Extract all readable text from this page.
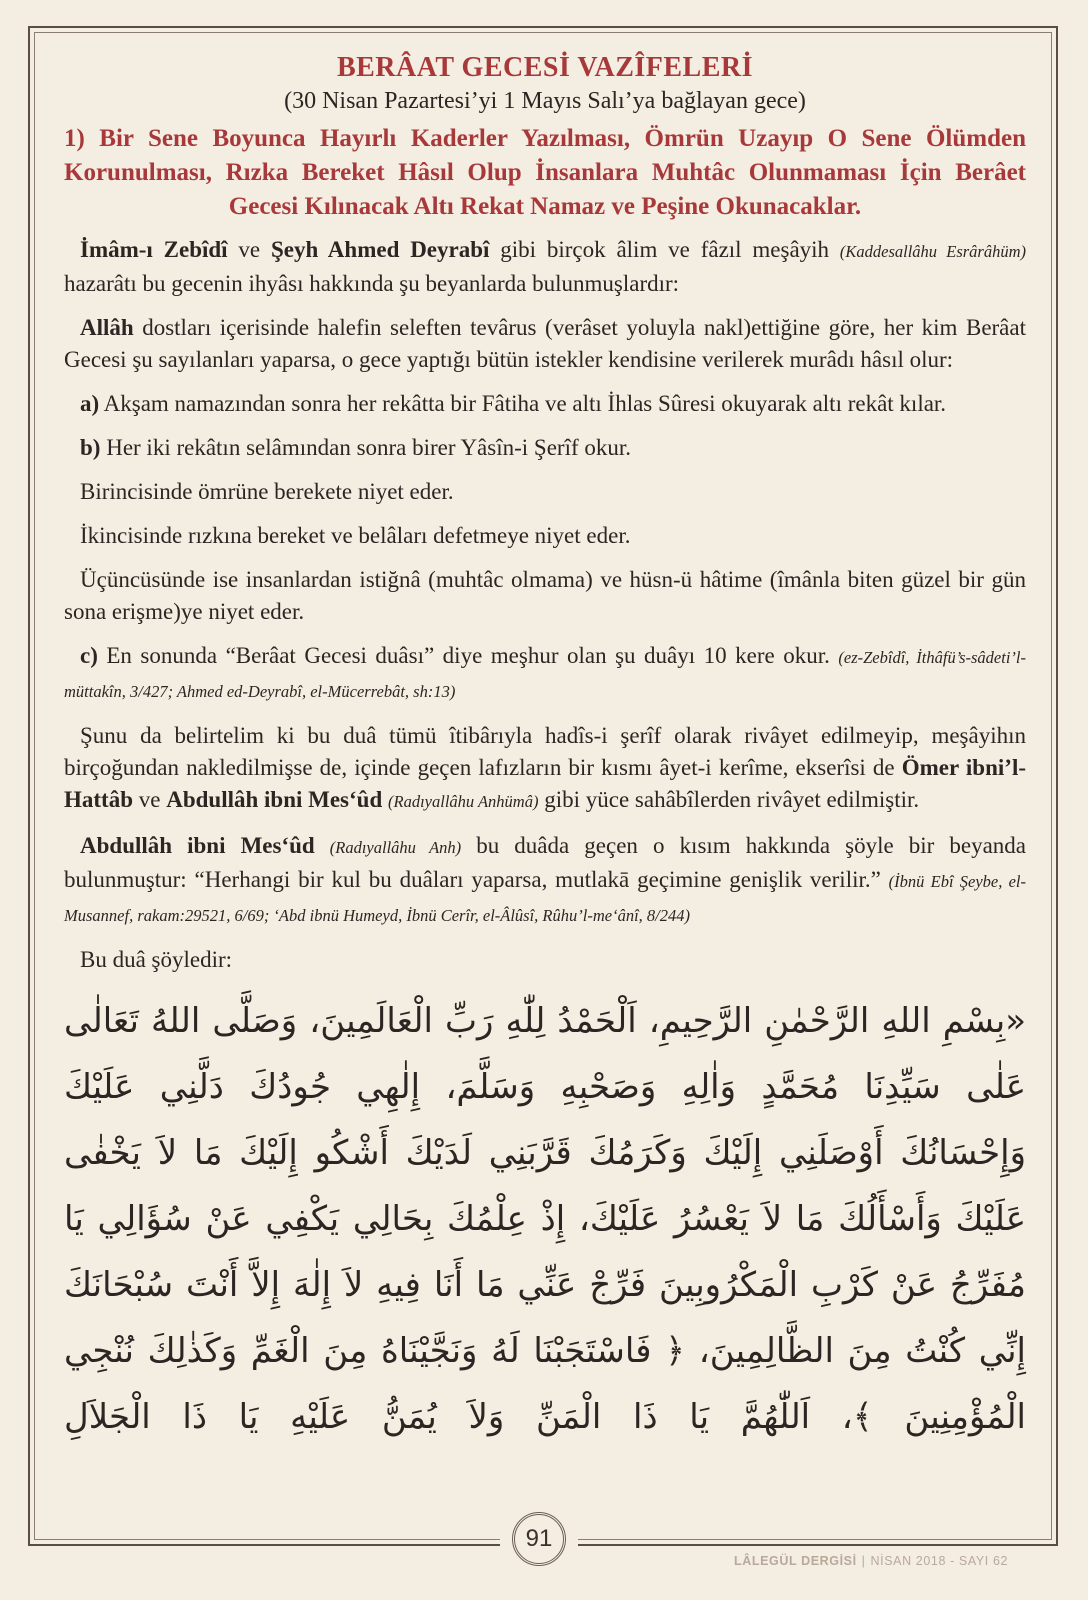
BERÂAT GECESİ VAZÎFELERİ
(30 Nisan Pazartesi’yi 1 Mayıs Salı’ya bağlayan gece)
1) Bir Sene Boyunca Hayırlı Kaderler Yazılması, Ömrün Uzayıp O Sene Ölümden Korunulması, Rızka Bereket Hâsıl Olup İnsanlara Muhtâc Olunmaması İçin Berâet Gecesi Kılınacak Altı Rekat Namaz ve Peşine Okunacaklar.

İmâm-ı Zebîdî ve Şeyh Ahmed Deyrabî gibi birçok âlim ve fâzıl meşâyih (Kaddesallâhu Esrârâhüm) hazarâtı bu gecenin ihyâsı hakkında şu beyanlarda bulunmuşlardır:

Allâh dostları içerisinde halefin seleften tevârus (verâset yoluyla nakl)ettiğine göre, her kim Berâat Gecesi şu sayılanları yaparsa, o gece yaptığı bütün istekler kendisine verilerek murâdı hâsıl olur:

a) Akşam namazından sonra her rekâtta bir Fâtiha ve altı İhlas Sûresi okuyarak altı rekât kılar.

b) Her iki rekâtın selâmından sonra birer Yâsîn-i Şerîf okur.

Birincisinde ömrüne berekete niyet eder.

İkincisinde rızkına bereket ve belâları defetmeye niyet eder.

Üçüncüsünde ise insanlardan istiğnâ (muhtâc olmama) ve hüsn-ü hâtime (îmânla biten güzel bir gün sona erişme)ye niyet eder.

c) En sonunda “Berâat Gecesi duâsı” diye meşhur olan şu duâyı 10 kere okur. (ez-Zebîdî, İthâfü’s-sâdeti’l-müttakîn, 3/427; Ahmed ed-Deyrabî, el-Mücerrebât, sh:13)

Şunu da belirtelim ki bu duâ tümü îtibârıyla hadîs-i şerîf olarak rivâyet edilmeyip, meşâyihın birçoğundan nakledilmişse de, içinde geçen lafızların bir kısmı âyet-i kerîme, ekserîsi de Ömer ibni’l-Hattâb ve Abdullâh ibni Mes‘ûd (Radıyallâhu Anhümâ) gibi yüce sahâbîlerden rivâyet edilmiştir.

Abdullâh ibni Mes‘ûd (Radıyallâhu Anh) bu duâda geçen o kısım hakkında şöyle bir beyanda bulunmuştur: “Herhangi bir kul bu duâları yaparsa, mutlakā geçimine genişlik verilir.” (İbnü Ebî Şeybe, el-Musannef, rakam:29521, 6/69; ‘Abd ibnü Humeyd, İbnü Cerîr, el-Âlûsî, Rûhu’l-me‘ânî, 8/244)

Bu duâ şöyledir:

«بِسْمِ اللهِ الرَّحْمٰنِ الرَّحِيمِ، اَلْحَمْدُ لِلّٰهِ رَبِّ الْعَالَمِينَ، وَصَلَّى اللهُ تَعَالٰى عَلٰى سَيِّدِنَا مُحَمَّدٍ وَاٰلِهِ وَصَحْبِهِ وَسَلَّمَ، إِلٰهِي جُودُكَ دَلَّنِي عَلَيْكَ وَإِحْسَانُكَ أَوْصَلَنِي إِلَيْكَ وَكَرَمُكَ قَرَّبَنِي لَدَيْكَ أَشْكُو إِلَيْكَ مَا لاَ يَخْفٰى عَلَيْكَ وَأَسْأَلُكَ مَا لاَ يَعْسُرُ عَلَيْكَ، إِذْ عِلْمُكَ بِحَالِي يَكْفِي عَنْ سُؤَالِي يَا مُفَرِّجُ عَنْ كَرْبِ الْمَكْرُوبِينَ فَرِّجْ عَنِّي مَا أَنَا فِيهِ لاَ إِلٰهَ إِلاَّ أَنْتَ سُبْحَانَكَ إِنِّي كُنْتُ مِنَ الظَّالِمِينَ، ﴿ فَاسْتَجَبْنَا لَهُ وَنَجَّيْنَاهُ مِنَ الْغَمِّ وَكَذٰلِكَ نُنْجِي الْمُؤْمِنِينَ ﴾، اَللّٰهُمَّ يَا ذَا الْمَنِّ وَلاَ يُمَنُّ عَلَيْهِ يَا ذَا الْجَلاَلِ
91
LÂLEGÜL DERGİSİ | NİSAN 2018 - SAYI 62
